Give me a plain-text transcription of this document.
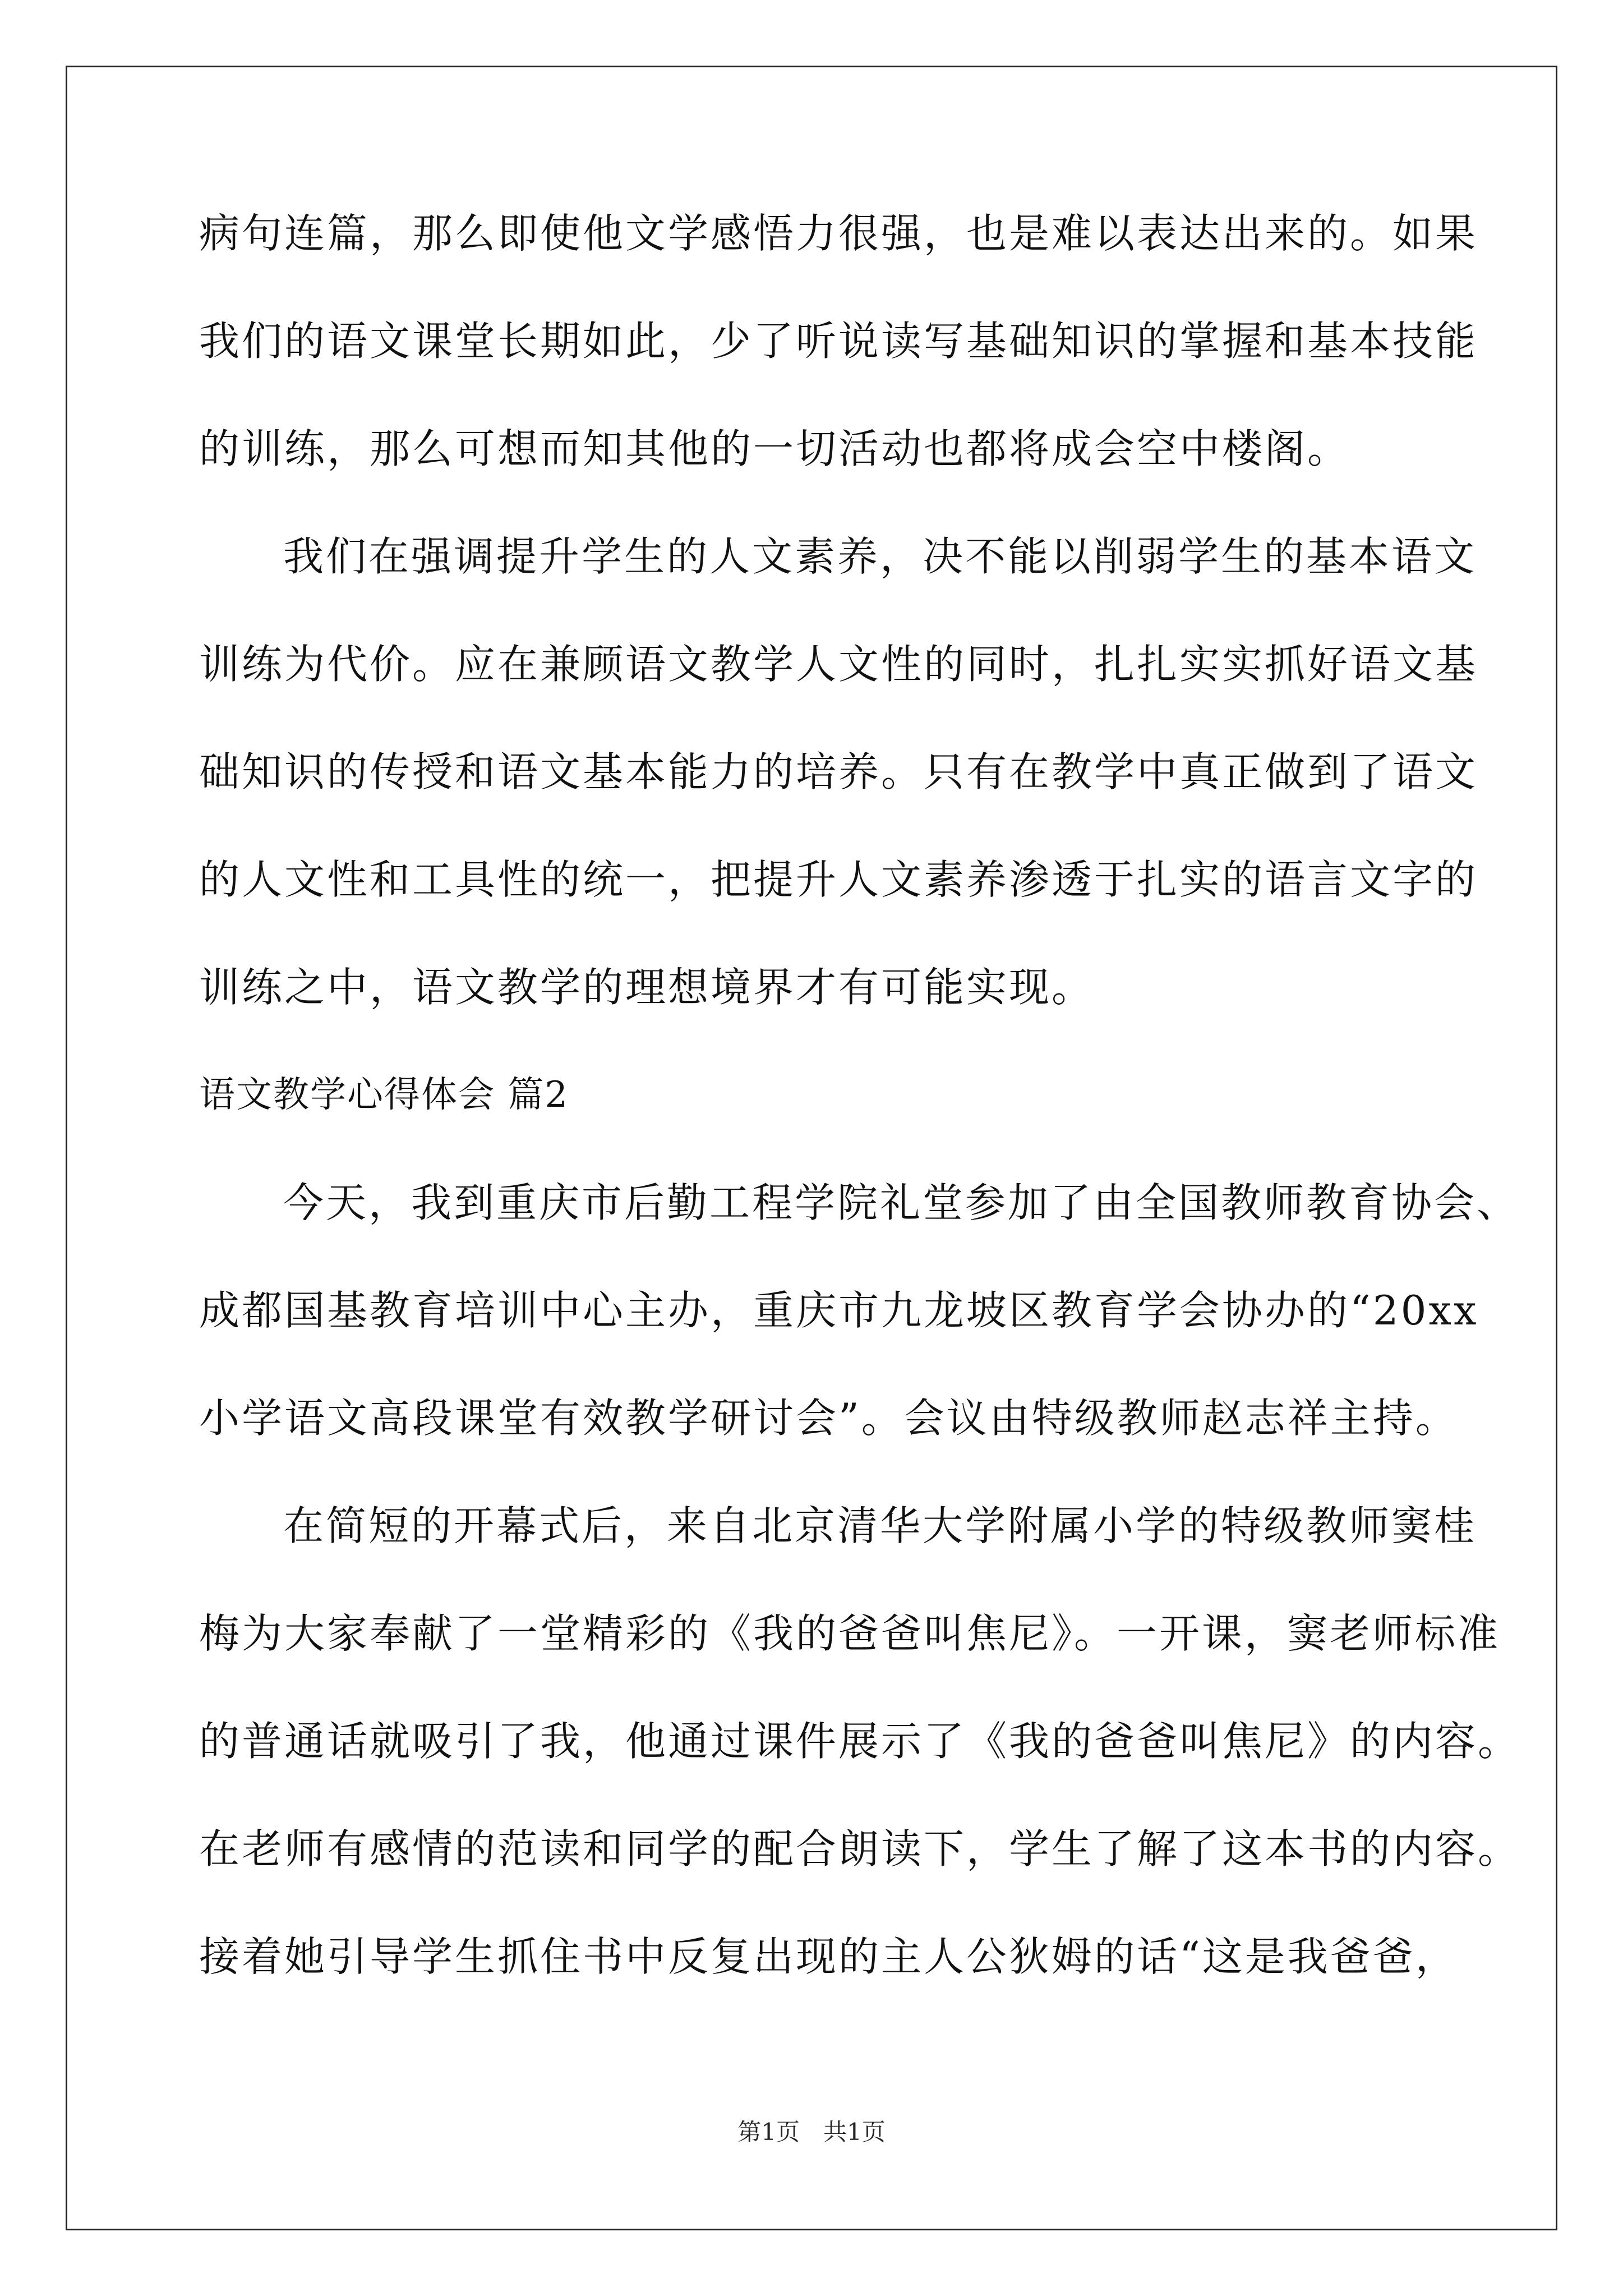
病句连篇，那么即使他文学感悟力很强，也是难以表达出来的。如果
我们的语文课堂长期如此，少了听说读写基础知识的掌握和基本技能
的训练，那么可想而知其他的一切活动也都将成会空中楼阁。
我们在强调提升学生的人文素养，决不能以削弱学生的基本语文
训练为代价。应在兼顾语文教学人文性的同时，扎扎实实抓好语文基
础知识的传授和语文基本能力的培养。只有在教学中真正做到了语文
的人文性和工具性的统一，把提升人文素养渗透于扎实的语言文字的
训练之中，语文教学的理想境界才有可能实现。
语文教学心得体会 篇2
今天，我到重庆市后勤工程学院礼堂参加了由全国教师教育协会、
成都国基教育培训中心主办，重庆市九龙坡区教育学会协办的“20xx
小学语文高段课堂有效教学研讨会”。会议由特级教师赵志祥主持。
在简短的开幕式后，来自北京清华大学附属小学的特级教师窦桂
梅为大家奉献了一堂精彩的《我的爸爸叫焦尼》。一开课，窦老师标准
的普通话就吸引了我，他通过课件展示了《我的爸爸叫焦尼》的内容。
在老师有感情的范读和同学的配合朗读下，学生了解了这本书的内容。
接着她引导学生抓住书中反复出现的主人公狄姆的话“这是我爸爸，
第1页　共1页
